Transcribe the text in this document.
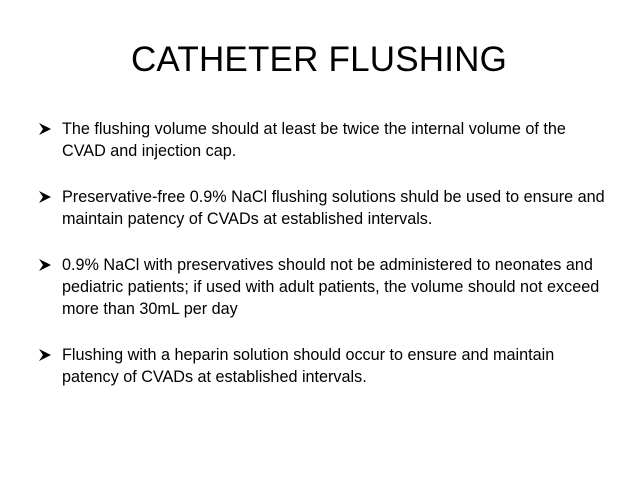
CATHETER FLUSHING
The flushing volume should at least be twice the internal volume of the CVAD and injection cap.
Preservative-free 0.9% NaCl flushing solutions shuld be used to ensure and maintain patency of CVADs at established intervals.
0.9% NaCl with preservatives should not be administered to neonates and pediatric patients; if used with adult patients, the volume should not exceed more than 30mL per day
Flushing with a heparin solution should occur to ensure and maintain patency of CVADs at established intervals.
